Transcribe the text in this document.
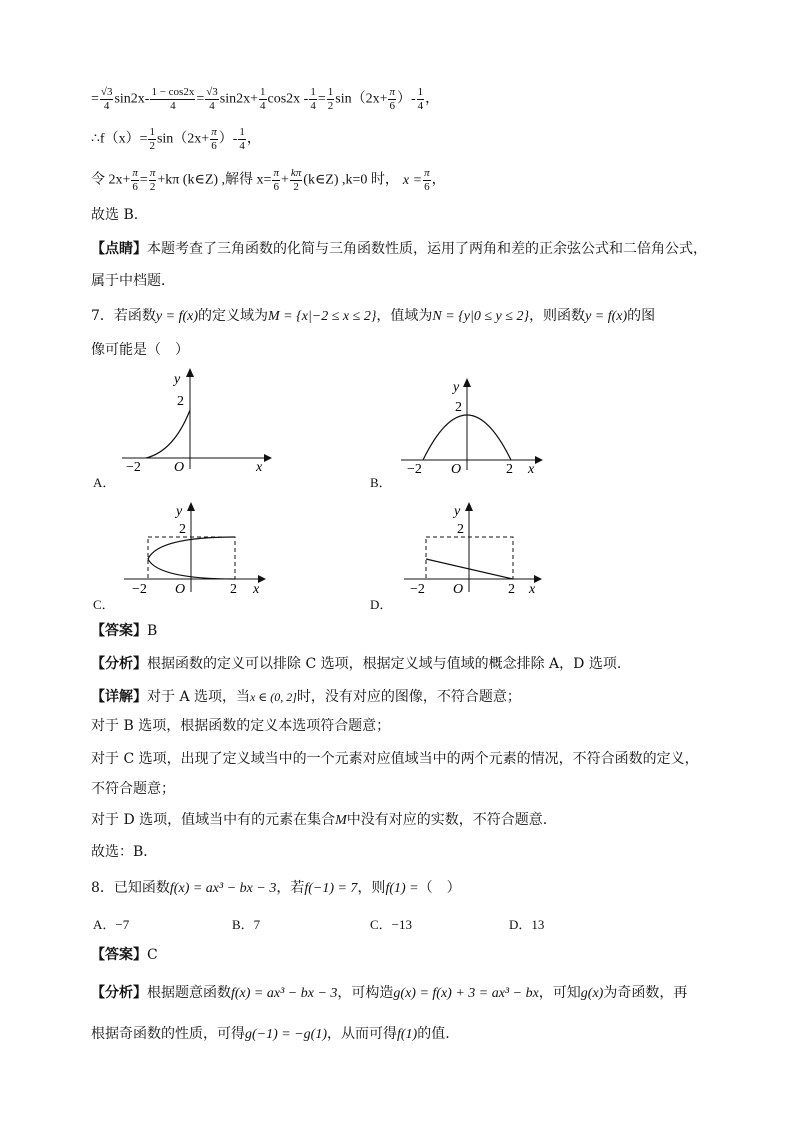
= $\frac{√3}{4} \sin 2x- \frac{1 - \cos 2x}{4} = \frac{√3}{4} \sin 2x+ \frac{1}{4} \cos 2x - \frac{1}{4} = \frac{1}{2} \sin(2x+ \frac{\pi}{6}$ ）- $\frac{1}{4}$ ，
∴f（x）= $\frac{1}{2} \sin(2x+ \frac{\pi}{6}$ ）- $\frac{1}{4}$ ，
令 $2x+ \frac{\pi}{6} = \frac{\pi}{2} +k\pi$ (k∈Z) ,解得 $x= \frac{\pi}{6} + \frac{k\pi}{2}$ (k∈Z) ,k=0 时， $x = \frac{\pi}{6}$ ，
故选 B.
【点睛】本题考查了三角函数的化简与三角函数性质，运用了两角和差的正余弦公式和二倍角公式，
属于中档题．
7．若函数y = f(x)的定义域为M = {x|−2 ≤ x ≤ 2}，值域为N = {y|0 ≤ y ≤ 2}，则函数y = f(x)的图
像可能是（　）
A．
y
2
−2 O	x
B．
y
2
−2 O	2 x
C．
y
2
−2 O	2 x
D．
y
2
−2 O	2 x
【答案】B
【分析】根据函数的定义可以排除 C 选项，根据定义域与值域的概念排除 A，D 选项.
【详解】对于 A 选项，当x ∈ (0, 2]时，没有对应的图像，不符合题意；
对于 B 选项，根据函数的定义本选项符合题意；
对于 C 选项，出现了定义域当中的一个元素对应值域当中的两个元素的情况，不符合函数的定义，
不符合题意；
对于 D 选项，值域当中有的元素在集合M中没有对应的实数，不符合题意.
故选：B．
8．已知函数f(x) = ax³ − bx − 3，若f(−1) = 7，则f(1) =（　）
A．−7	B．7	C．−13	D．13
【答案】C
【分析】根据题意函数f(x) = ax³ − bx − 3，可构造g(x) = f(x) + 3 = ax³ − bx，可知g(x)为奇函数，再
根据奇函数的性质，可得g(−1) = −g(1)，从而可得f(1)的值.
